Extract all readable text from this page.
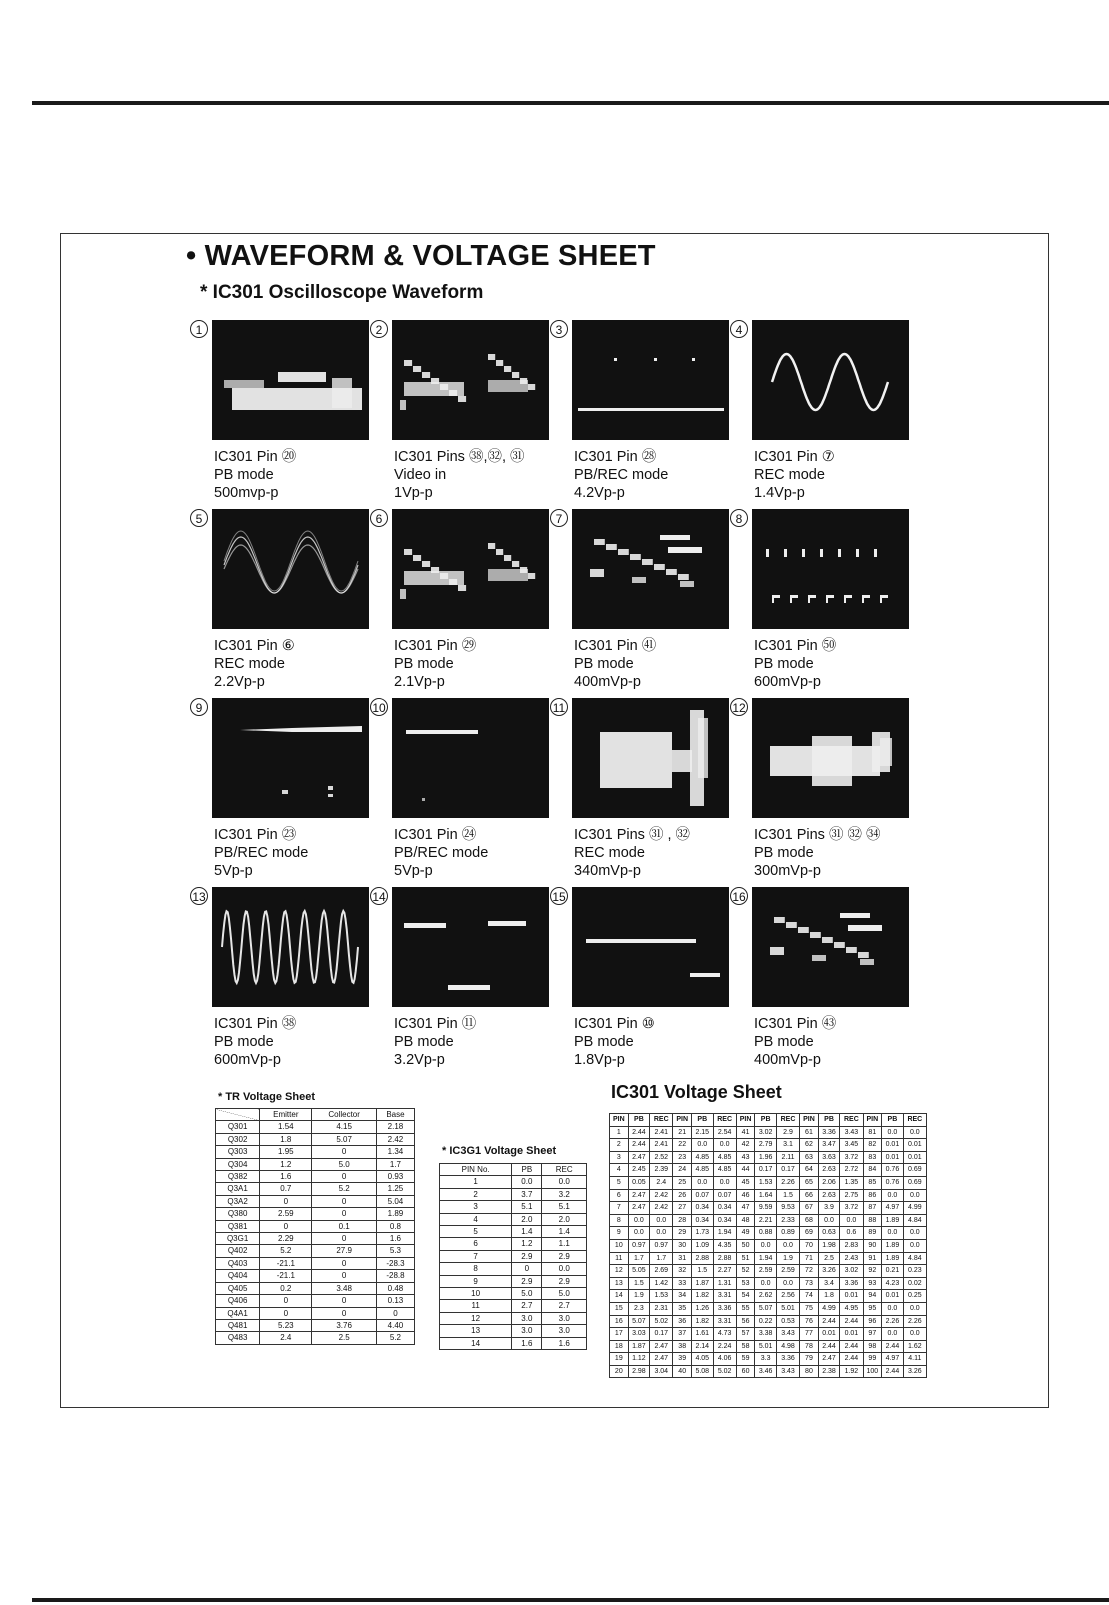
• WAVEFORM & VOLTAGE SHEET
* IC301 Oscilloscope Waveform
1
IC301 Pin ⑳
PB mode
500mvp-p
2
IC301 Pins ㊳,㉜, ㉛
Video in
1Vp-p
3
IC301 Pin ㉘
PB/REC mode
4.2Vp-p
4
IC301 Pin ⑦
REC mode
1.4Vp-p
5
IC301 Pin ⑥
REC mode
2.2Vp-p
6
IC301 Pin ㉙
PB mode
2.1Vp-p
7
IC301 Pin ㊶
PB mode
400mVp-p
8
IC301 Pin ㊿
PB mode
600mVp-p
9
IC301 Pin ㉓
PB/REC mode
5Vp-p
10
IC301 Pin ㉔
PB/REC mode
5Vp-p
11
IC301 Pins ㉛ , ㉜
REC mode
340mVp-p
12
IC301 Pins ㉛ ㉜ ㉞
PB mode
300mVp-p
13
IC301 Pin ㊳
PB mode
600mVp-p
14
IC301 Pin ⑪
PB mode
3.2Vp-p
15
IC301 Pin ⑩
PB mode
1.8Vp-p
16
IC301 Pin ㊸
PB mode
400mVp-p
* TR Voltage Sheet
	Emitter	Collector	Base
Q301	1.54	4.15	2.18
Q302	1.8	5.07	2.42
Q303	1.95	0	1.34
Q304	1.2	5.0	1.7
Q382	1.6	0	0.93
Q3A1	0.7	5.2	1.25
Q3A2	0	0	5.04
Q380	2.59	0	1.89
Q381	0	0.1	0.8
Q3G1	2.29	0	1.6
Q402	5.2	27.9	5.3
Q403	-21.1	0	-28.3
Q404	-21.1	0	-28.8
Q405	0.2	3.48	0.48
Q406	0	0	0.13
Q4A1	0	0	0
Q481	5.23	3.76	4.40
Q483	2.4	2.5	5.2
* IC3G1 Voltage Sheet
PIN No.	PB	REC
1	0.0	0.0
2	3.7	3.2
3	5.1	5.1
4	2.0	2.0
5	1.4	1.4
6	1.2	1.1
7	2.9	2.9
8	0	0.0
9	2.9	2.9
10	5.0	5.0
11	2.7	2.7
12	3.0	3.0
13	3.0	3.0
14	1.6	1.6
IC301 Voltage Sheet
PIN	PB	REC	PIN	PB	REC	PIN	PB	REC	PIN	PB	REC	PIN	PB	REC
1	2.44	2.41	21	2.15	2.54	41	3.02	2.9	61	3.36	3.43	81	0.0	0.0
2	2.44	2.41	22	0.0	0.0	42	2.79	3.1	62	3.47	3.45	82	0.01	0.01
3	2.47	2.52	23	4.85	4.85	43	1.96	2.11	63	3.63	3.72	83	0.01	0.01
4	2.45	2.39	24	4.85	4.85	44	0.17	0.17	64	2.63	2.72	84	0.76	0.69
5	0.05	2.4	25	0.0	0.0	45	1.53	2.26	65	2.06	1.35	85	0.76	0.69
6	2.47	2.42	26	0.07	0.07	46	1.64	1.5	66	2.63	2.75	86	0.0	0.0
7	2.47	2.42	27	0.34	0.34	47	9.59	9.53	67	3.9	3.72	87	4.97	4.99
8	0.0	0.0	28	0.34	0.34	48	2.21	2.33	68	0.0	0.0	88	1.89	4.84
9	0.0	0.0	29	1.73	1.94	49	0.88	0.89	69	0.63	0.6	89	0.0	0.0
10	0.97	0.97	30	1.09	4.35	50	0.0	0.0	70	1.98	2.83	90	1.89	0.0
11	1.7	1.7	31	2.88	2.88	51	1.94	1.9	71	2.5	2.43	91	1.89	4.84
12	5.05	2.69	32	1.5	2.27	52	2.59	2.59	72	3.26	3.02	92	0.21	0.23
13	1.5	1.42	33	1.87	1.31	53	0.0	0.0	73	3.4	3.36	93	4.23	0.02
14	1.9	1.53	34	1.82	3.31	54	2.62	2.56	74	1.8	0.01	94	0.01	0.25
15	2.3	2.31	35	1.26	3.36	55	5.07	5.01	75	4.99	4.95	95	0.0	0.0
16	5.07	5.02	36	1.82	3.31	56	0.22	0.53	76	2.44	2.44	96	2.26	2.26
17	3.03	0.17	37	1.61	4.73	57	3.38	3.43	77	0.01	0.01	97	0.0	0.0
18	1.87	2.47	38	2.14	2.24	58	5.01	4.98	78	2.44	2.44	98	2.44	1.62
19	1.12	2.47	39	4.05	4.06	59	3.3	3.36	79	2.47	2.44	99	4.97	4.11
20	2.98	3.04	40	5.08	5.02	60	3.46	3.43	80	2.38	1.92	100	2.44	3.26
